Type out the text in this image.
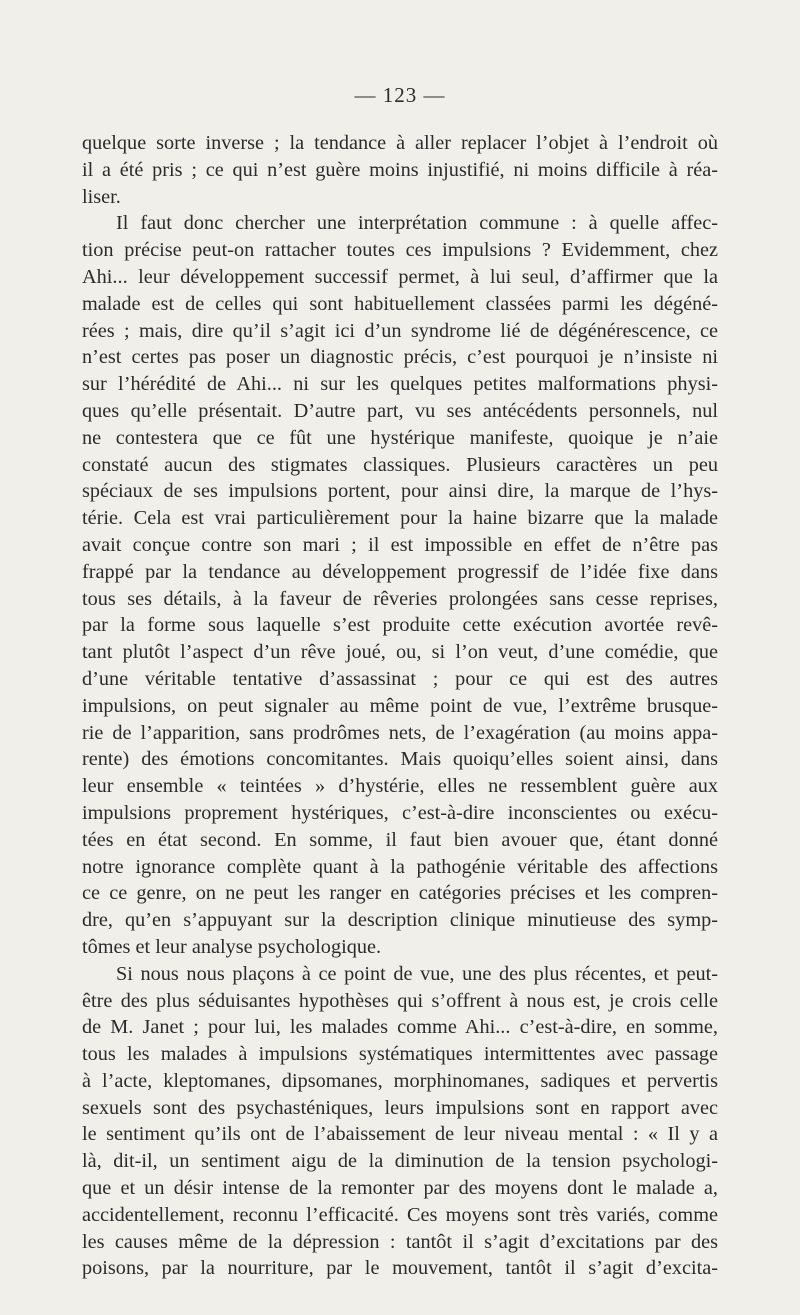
— 123 —
quelque sorte inverse ; la tendance à aller replacer l’objet à l’endroit où
il a été pris ; ce qui n’est guère moins injustifié, ni moins difficile à réa-
liser.
Il faut donc chercher une interprétation commune : à quelle affec-
tion précise peut-on rattacher toutes ces impulsions ? Evidemment, chez
Ahi... leur développement successif permet, à lui seul, d’affirmer que la
malade est de celles qui sont habituellement classées parmi les dégéné-
rées ; mais, dire qu’il s’agit ici d’un syndrome lié de dégénérescence, ce
n’est certes pas poser un diagnostic précis, c’est pourquoi je n’insiste ni
sur l’hérédité de Ahi... ni sur les quelques petites malformations physi-
ques qu’elle présentait. D’autre part, vu ses antécédents personnels, nul
ne contestera que ce fût une hystérique manifeste, quoique je n’aie
constaté aucun des stigmates classiques. Plusieurs caractères un peu
spéciaux de ses impulsions portent, pour ainsi dire, la marque de l’hys-
térie. Cela est vrai particulièrement pour la haine bizarre que la malade
avait conçue contre son mari ; il est impossible en effet de n’être pas
frappé par la tendance au développement progressif de l’idée fixe dans
tous ses détails, à la faveur de rêveries prolongées sans cesse reprises,
par la forme sous laquelle s’est produite cette exécution avortée revê-
tant plutôt l’aspect d’un rêve joué, ou, si l’on veut, d’une comédie, que
d’une véritable tentative d’assassinat ; pour ce qui est des autres
impulsions, on peut signaler au même point de vue, l’extrême brusque-
rie de l’apparition, sans prodrômes nets, de l’exagération (au moins appa-
rente) des émotions concomitantes. Mais quoiqu’elles soient ainsi, dans
leur ensemble « teintées » d’hystérie, elles ne ressemblent guère aux
impulsions proprement hystériques, c’est-à-dire inconscientes ou exécu-
tées en état second. En somme, il faut bien avouer que, étant donné
notre ignorance complète quant à la pathogénie véritable des affections
ce ce genre, on ne peut les ranger en catégories précises et les compren-
dre, qu’en s’appuyant sur la description clinique minutieuse des symp-
tômes et leur analyse psychologique.
Si nous nous plaçons à ce point de vue, une des plus récentes, et peut-
être des plus séduisantes hypothèses qui s’offrent à nous est, je crois celle
de M. Janet ; pour lui, les malades comme Ahi... c’est-à-dire, en somme,
tous les malades à impulsions systématiques intermittentes avec passage
à l’acte, kleptomanes, dipsomanes, morphinomanes, sadiques et pervertis
sexuels sont des psychasténiques, leurs impulsions sont en rapport avec
le sentiment qu’ils ont de l’abaissement de leur niveau mental : « Il y a
là, dit-il, un sentiment aigu de la diminution de la tension psychologi-
que et un désir intense de la remonter par des moyens dont le malade a,
accidentellement, reconnu l’efficacité. Ces moyens sont très variés, comme
les causes même de la dépression : tantôt il s’agit d’excitations par des
poisons, par la nourriture, par le mouvement, tantôt il s’agit d’excita-
